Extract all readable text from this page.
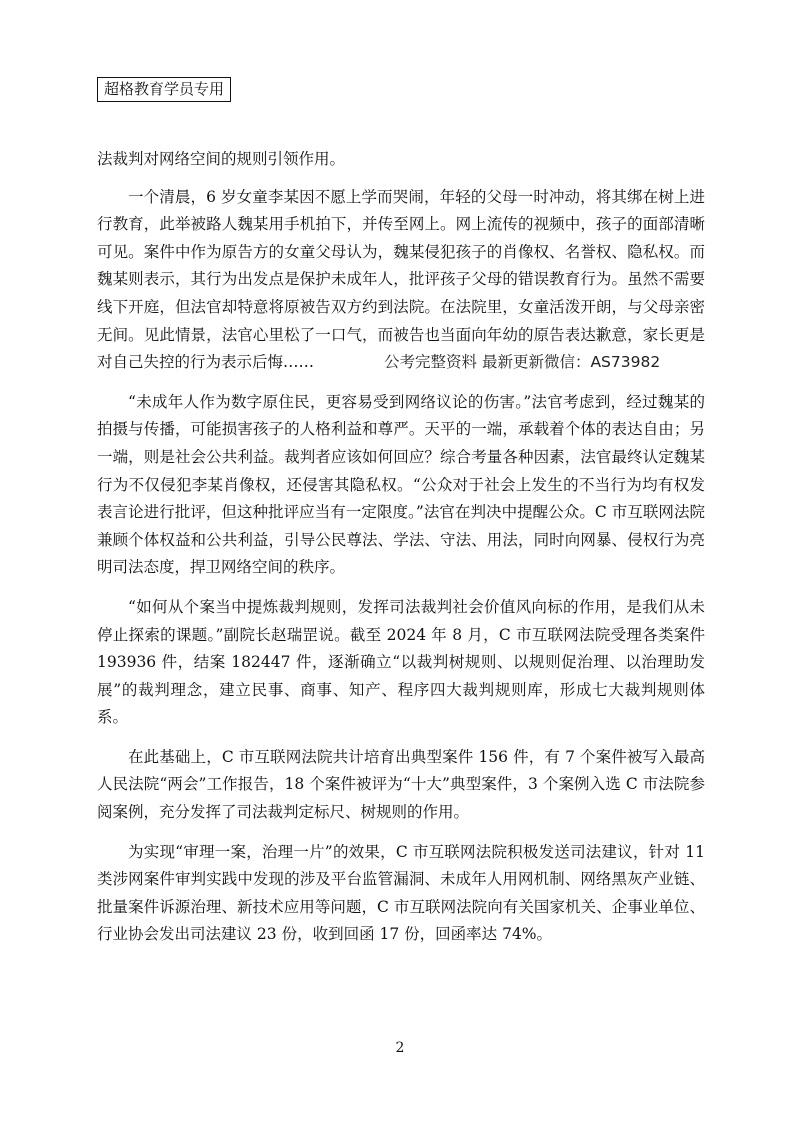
超格教育学员专用

法裁判对网络空间的规则引领作用。

一个清晨，6 岁女童李某因不愿上学而哭闹，年轻的父母一时冲动，将其绑在树上进行教育，此举被路人魏某用手机拍下，并传至网上。网上流传的视频中，孩子的面部清晰可见。案件中作为原告方的女童父母认为，魏某侵犯孩子的肖像权、名誉权、隐私权。而魏某则表示，其行为出发点是保护未成年人，批评孩子父母的错误教育行为。虽然不需要线下开庭，但法官却特意将原被告双方约到法院。在法院里，女童活泼开朗，与父母亲密无间。见此情景，法官心里松了一口气，而被告也当面向年幼的原告表达歉意，家长更是对自己失控的行为表示后悔……	公考完整资料 最新更新微信：AS73982

“未成年人作为数字原住民，更容易受到网络议论的伤害。”法官考虑到，经过魏某的拍摄与传播，可能损害孩子的人格利益和尊严。天平的一端，承载着个体的表达自由；另一端，则是社会公共利益。裁判者应该如何回应？综合考量各种因素，法官最终认定魏某行为不仅侵犯李某肖像权，还侵害其隐私权。“公众对于社会上发生的不当行为均有权发表言论进行批评，但这种批评应当有一定限度。”法官在判决中提醒公众。C 市互联网法院兼顾个体权益和公共利益，引导公民尊法、学法、守法、用法，同时向网暴、侵权行为亮明司法态度，捍卫网络空间的秩序。

“如何从个案当中提炼裁判规则，发挥司法裁判社会价值风向标的作用，是我们从未停止探索的课题。”副院长赵瑞罡说。截至 2024 年 8 月，C 市互联网法院受理各类案件 193936 件，结案 182447 件，逐渐确立“以裁判树规则、以规则促治理、以治理助发展”的裁判理念，建立民事、商事、知产、程序四大裁判规则库，形成七大裁判规则体系。

在此基础上，C 市互联网法院共计培育出典型案件 156 件，有 7 个案件被写入最高人民法院“两会”工作报告，18 个案件被评为“十大”典型案件，3 个案例入选 C 市法院参阅案例，充分发挥了司法裁判定标尺、树规则的作用。

为实现“审理一案，治理一片”的效果，C 市互联网法院积极发送司法建议，针对 11 类涉网案件审判实践中发现的涉及平台监管漏洞、未成年人用网机制、网络黑灰产业链、批量案件诉源治理、新技术应用等问题，C 市互联网法院向有关国家机关、企事业单位、行业协会发出司法建议 23 份，收到回函 17 份，回函率达 74%。

2
